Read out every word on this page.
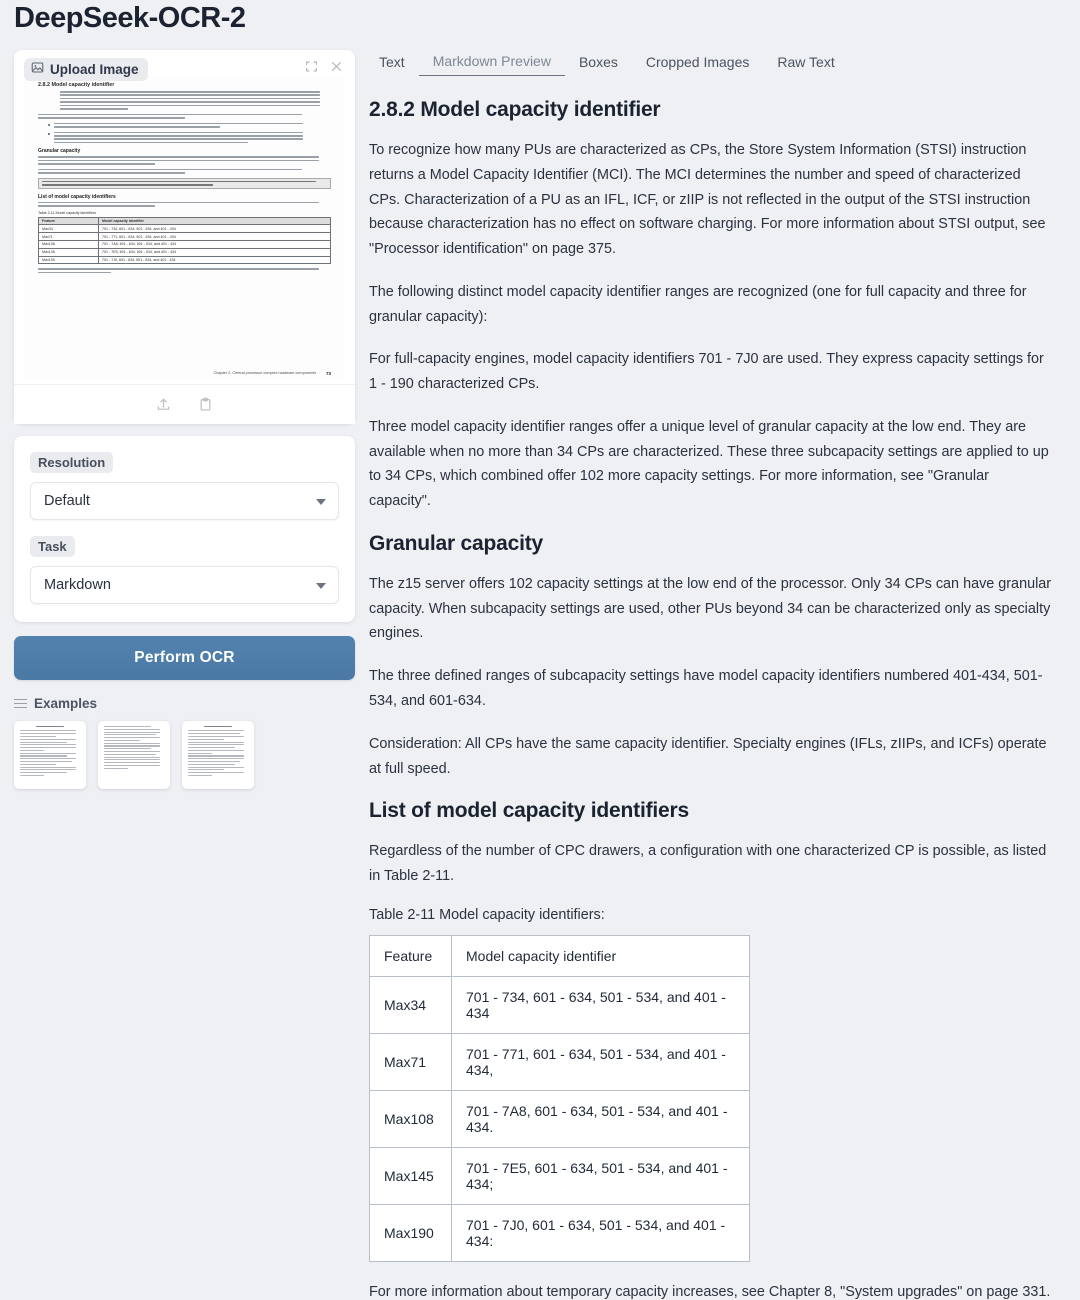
DeepSeek-OCR-2
2.8.2 Model capacity identifier
Granular capacity
List of model capacity identifiers
Table 2-11 Model capacity identifiers
Feature	Model capacity identifier
Max34	701 - 734, 601 - 634, 501 - 534, and 401 - 434
Max71	701 - 771, 601 - 634, 501 - 534, and 401 - 434
Max108	701 - 7A8, 601 - 634, 501 - 534, and 401 - 434
Max145	701 - 7E5, 601 - 634, 501 - 534, and 401 - 434
Max190	701 - 7J0, 601 - 634, 501 - 534, and 401 - 434
Chapter 2. Central processor complex hardware components 73
Upload Image
Resolution
Default
Task
Markdown
Perform OCR
Examples
Text	Markdown Preview	Boxes	Cropped Images	Raw Text
2.8.2 Model capacity identifier

To recognize how many PUs are characterized as CPs, the Store System Information (STSI) instruction returns a Model Capacity Identifier (MCI). The MCI determines the number and speed of characterized CPs. Characterization of a PU as an IFL, ICF, or zIIP is not reflected in the output of the STSI instruction because characterization has no effect on software charging. For more information about STSI output, see "Processor identification" on page 375.

The following distinct model capacity identifier ranges are recognized (one for full capacity and three for granular capacity):

For full-capacity engines, model capacity identifiers 701 - 7J0 are used. They express capacity settings for 1 - 190 characterized CPs.

Three model capacity identifier ranges offer a unique level of granular capacity at the low end. They are available when no more than 34 CPs are characterized. These three subcapacity settings are applied to up to 34 CPs, which combined offer 102 more capacity settings. For more information, see "Granular capacity".

Granular capacity

The z15 server offers 102 capacity settings at the low end of the processor. Only 34 CPs can have granular capacity. When subcapacity settings are used, other PUs beyond 34 can be characterized only as specialty engines.

The three defined ranges of subcapacity settings have model capacity identifiers numbered 401-434, 501-534, and 601-634.

Consideration: All CPs have the same capacity identifier. Specialty engines (IFLs, zIIPs, and ICFs) operate at full speed.

List of model capacity identifiers

Regardless of the number of CPC drawers, a configuration with one characterized CP is possible, as listed in Table 2-11.

Table 2-11 Model capacity identifiers:

Feature	Model capacity identifier
Max34	701 - 734, 601 - 634, 501 - 534, and 401 - 434
Max71	701 - 771, 601 - 634, 501 - 534, and 401 - 434,
Max108	701 - 7A8, 601 - 634, 501 - 534, and 401 - 434.
Max145	701 - 7E5, 601 - 634, 501 - 534, and 401 - 434;
Max190	701 - 7J0, 601 - 634, 501 - 534, and 401 - 434:

For more information about temporary capacity increases, see Chapter 8, "System upgrades" on page 331.
